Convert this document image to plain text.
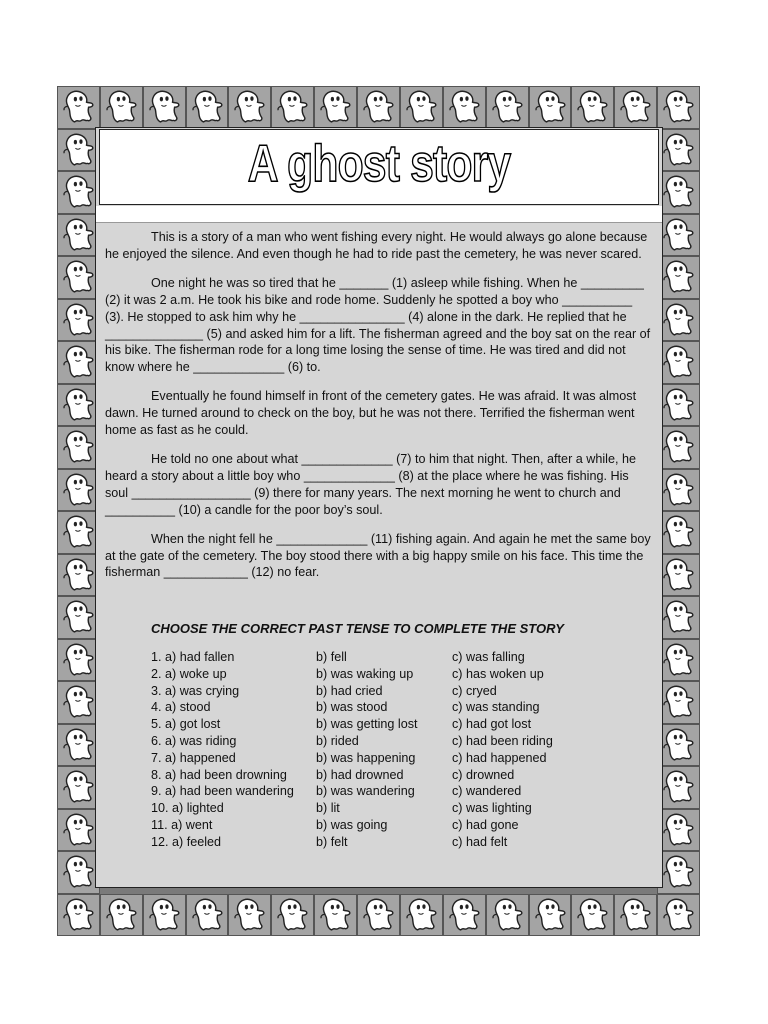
A ghost story

This is a story of a man who went fishing every night. He would always go alone because he enjoyed the silence. And even though he had to ride past the cemetery, he was never scared.

One night he was so tired that he _______ (1) asleep while fishing. When he _________ (2) it was 2 a.m. He took his bike and rode home. Suddenly he spotted a boy who __________ (3). He stopped to ask him why he _______________ (4) alone in the dark. He replied that he ______________ (5) and asked him for a lift. The fisherman agreed and the boy sat on the rear of his bike. The fisherman rode for a long time losing the sense of time. He was tired and did not know where he _____________ (6) to.

Eventually he found himself in front of the cemetery gates. He was afraid. It was almost dawn. He turned around to check on the boy, but he was not there. Terrified the fisherman went home as fast as he could.

He told no one about what _____________ (7) to him that night. Then, after a while, he heard a story about a little boy who _____________ (8) at the place where he was fishing. His soul _________________ (9) there for many years. The next morning he went to church and __________ (10) a candle for the poor boy’s soul.

When the night fell he _____________ (11) fishing again. And again he met the same boy at the gate of the cemetery. The boy stood there with a big happy smile on his face. This time the fisherman ____________ (12) no fear.

CHOOSE THE CORRECT PAST TENSE TO COMPLETE THE STORY
1. a) had fallen	b) fell	c) was falling
2. a) woke up	b) was waking up	c) has woken up
3. a) was crying	b) had cried	c) cryed
4. a) stood	b) was stood	c) was standing
5. a) got lost	b) was getting lost	c) had got lost
6. a) was riding	b) rided	c) had been riding
7. a) happened	b) was happening	c) had happened
8. a) had been drowning b) had drowned	c) drowned
9. a) had been wandering b) was wandering	c) wandered
10. a) lighted	b) lit	c) was lighting
11. a) went	b) was going	c) had gone
12. a) feeled	b) felt	c) had felt
